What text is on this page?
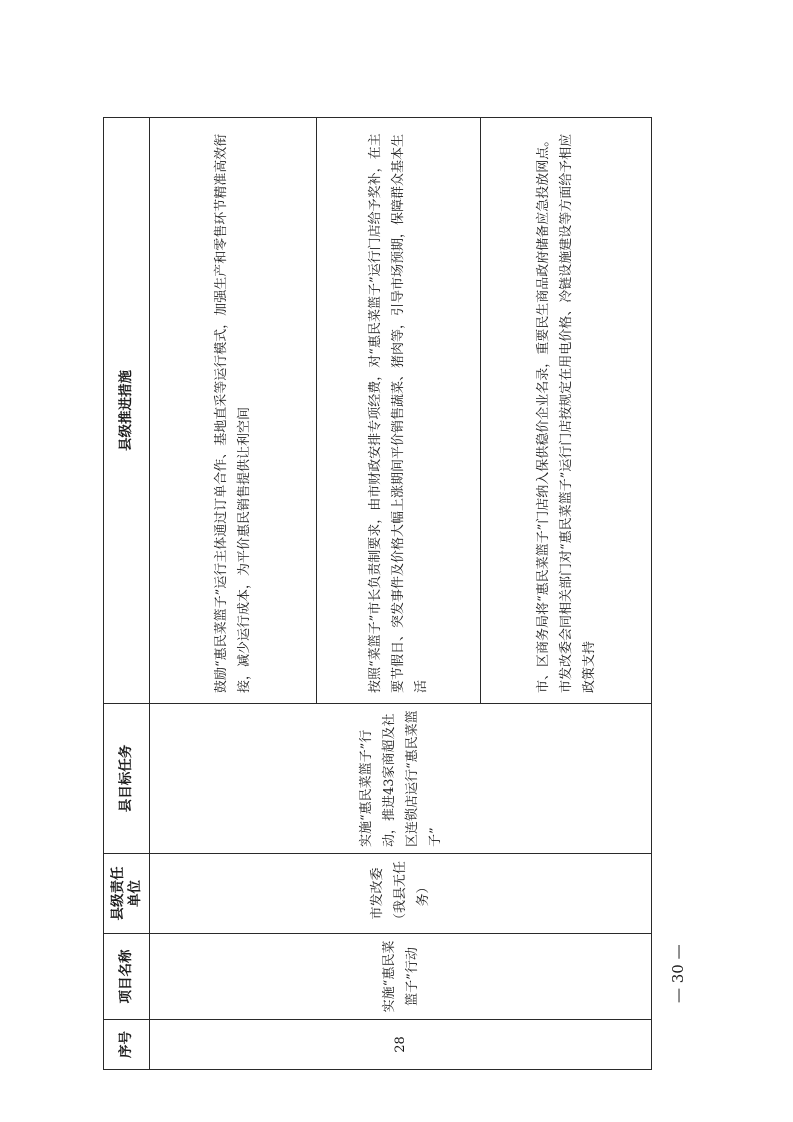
序号	项目名称	县级责任单位	县目标任务	县级推进措施
28	实施“惠民菜篮子”行动	市发改委（我县无任务）	实施“惠民菜篮子”行动，推进43家商超及社区连锁店运行“惠民菜篮子”	鼓励“惠民菜篮子”运行主体通过订单合作、基地直采等运行模式，加强生产和零售环节精准高效衔接，减少运行成本，为平价惠民销售提供让利空间
				按照“菜篮子”市长负责制要求，由市财政安排专项经费，对“惠民菜篮子”运行门店给予奖补，在主要节假日、突发事件及价格大幅上涨期间平价销售蔬菜、猪肉等，引导市场预期，保障群众基本生活
				市、区商务局将“惠民菜篮子”门店纳入保供稳价企业名录，重要民生商品政府储备应急投放网点。市发改委会同相关部门对“惠民菜篮子”运行门店按规定在用电价格、冷链设施建设等方面给予相应政策支持
— 30 —
